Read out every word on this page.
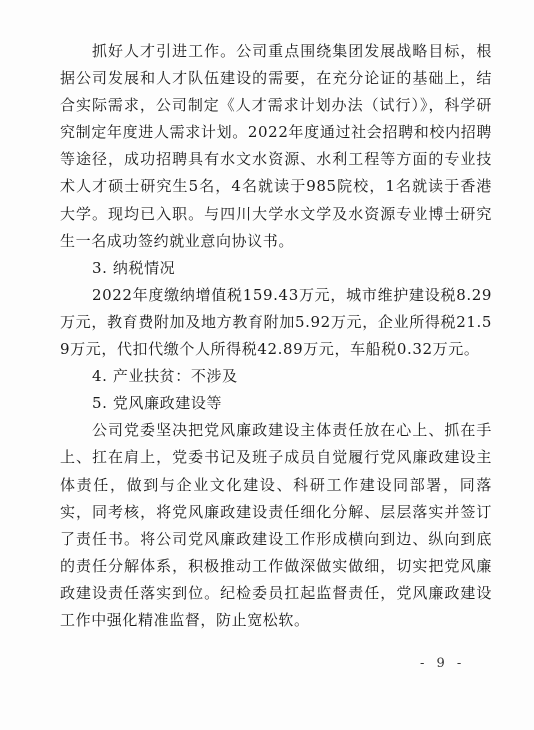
抓好人才引进工作。公司重点围绕集团发展战略目标，根据公司发展和人才队伍建设的需要，在充分论证的基础上，结合实际需求，公司制定《人才需求计划办法（试行）》，科学研究制定年度进人需求计划。2022年度通过社会招聘和校内招聘等途径，成功招聘具有水文水资源、水利工程等方面的专业技术人才硕士研究生5名，4名就读于985院校，1名就读于香港大学。现均已入职。与四川大学水文学及水资源专业博士研究生一名成功签约就业意向协议书。

3. 纳税情况

2022年度缴纳增值税159.43万元，城市维护建设税8.29万元，教育费附加及地方教育附加5.92万元，企业所得税21.59万元，代扣代缴个人所得税42.89万元，车船税0.32万元。

4. 产业扶贫：不涉及

5. 党风廉政建设等

公司党委坚决把党风廉政建设主体责任放在心上、抓在手上、扛在肩上，党委书记及班子成员自觉履行党风廉政建设主体责任，做到与企业文化建设、科研工作建设同部署，同落实，同考核，将党风廉政建设责任细化分解、层层落实并签订了责任书。将公司党风廉政建设工作形成横向到边、纵向到底的责任分解体系，积极推动工作做深做实做细，切实把党风廉政建设责任落实到位。纪检委员扛起监督责任，党风廉政建设工作中强化精准监督，防止宽松软。

- 9 -
